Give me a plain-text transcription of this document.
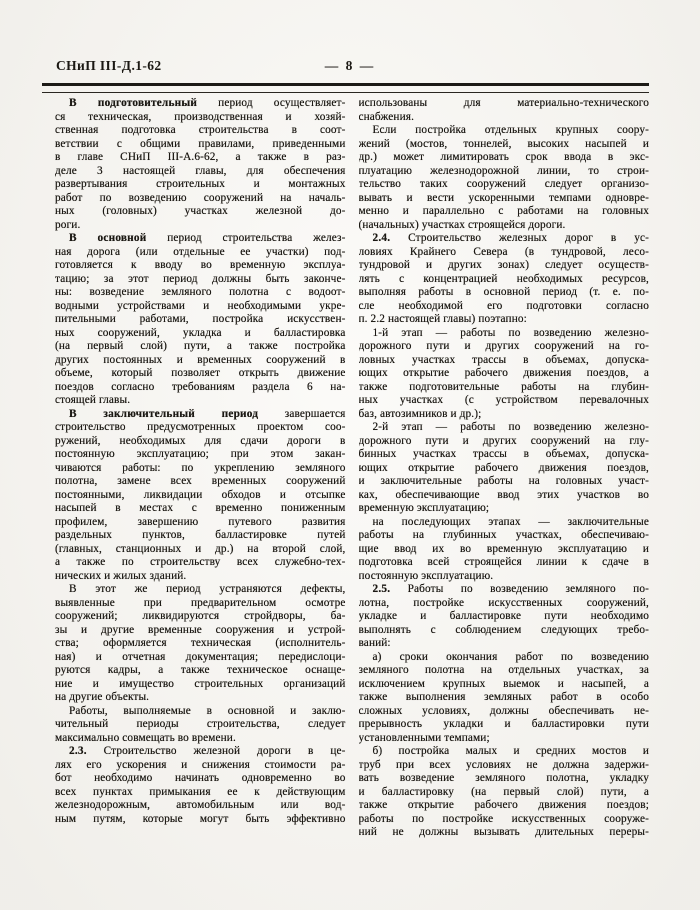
СНиП III-Д.1-62	— 8 —
В подготовительный период осуществляет-
ся техническая, производственная и хозяй-
ственная подготовка строительства в соот-
ветствии с общими правилами, приведенными
в главе СНиП III-А.6-62, а также в раз-
деле 3 настоящей главы, для обеспечения
развертывания строительных и монтажных
работ по возведению сооружений на началь-
ных (головных) участках железной до-
роги.
В основной период строительства желез-
ная дорога (или отдельные ее участки) под-
готовляется к вводу во временную эксплуа-
тацию; за этот период должны быть законче-
ны: возведение земляного полотна с водоот-
водными устройствами и необходимыми укре-
пительными работами, постройка искусствен-
ных сооружений, укладка и балластировка
(на первый слой) пути, а также постройка
других постоянных и временных сооружений в
объеме, который позволяет открыть движение
поездов согласно требованиям раздела 6 на-
стоящей главы.
В заключительный период завершается
строительство предусмотренных проектом соо-
ружений, необходимых для сдачи дороги в
постоянную эксплуатацию; при этом закан-
чиваются работы: по укреплению земляного
полотна, замене всех временных сооружений
постоянными, ликвидации обходов и отсыпке
насыпей в местах с временно пониженным
профилем, завершению путевого развития
раздельных пунктов, балластировке путей
(главных, станционных и др.) на второй слой,
а также по строительству всех служебно-тех-
нических и жилых зданий.
В этот же период устраняются дефекты,
выявленные при предварительном осмотре
сооружений; ликвидируются стройдворы, ба-
зы и другие временные сооружения и устрой-
ства; оформляется техническая (исполнитель-
ная) и отчетная документация; передислоци-
руются кадры, а также техническое оснаще-
ние и имущество строительных организаций
на другие объекты.
Работы, выполняемые в основной и заклю-
чительный периоды строительства, следует
максимально совмещать во времени.
2.3. Строительство железной дороги в це-
лях его ускорения и снижения стоимости ра-
бот необходимо начинать одновременно во
всех пунктах примыкания ее к действующим
железнодорожным, автомобильным или вод-
ным путям, которые могут быть эффективно
использованы для материально-технического
снабжения.
Если постройка отдельных крупных соору-
жений (мостов, тоннелей, высоких насыпей и
др.) может лимитировать срок ввода в экс-
плуатацию железнодорожной линии, то строи-
тельство таких сооружений следует организо-
вывать и вести ускоренными темпами одновре-
менно и параллельно с работами на головных
(начальных) участках строящейся дороги.
2.4. Строительство железных дорог в ус-
ловиях Крайнего Севера (в тундровой, лесо-
тундровой и других зонах) следует осуществ-
лять с концентрацией необходимых ресурсов,
выполняя работы в основной период (т. е. по-
сле необходимой его подготовки согласно
п. 2.2 настоящей главы) поэтапно:
1-й этап — работы по возведению железно-
дорожного пути и других сооружений на го-
ловных участках трассы в объемах, допуска-
ющих открытие рабочего движения поездов, а
также подготовительные работы на глубин-
ных участках (с устройством перевалочных
баз, автозимников и др.);
2-й этап — работы по возведению железно-
дорожного пути и других сооружений на глу-
бинных участках трассы в объемах, допуска-
ющих открытие рабочего движения поездов,
и заключительные работы на головных участ-
ках, обеспечивающие ввод этих участков во
временную эксплуатацию;
на последующих этапах — заключительные
работы на глубинных участках, обеспечиваю-
щие ввод их во временную эксплуатацию и
подготовка всей строящейся линии к сдаче в
постоянную эксплуатацию.
2.5. Работы по возведению земляного по-
лотна, постройке искусственных сооружений,
укладке и балластировке пути необходимо
выполнять с соблюдением следующих требо-
ваний:
а) сроки окончания работ по возведению
земляного полотна на отдельных участках, за
исключением крупных выемок и насыпей, а
также выполнения земляных работ в особо
сложных условиях, должны обеспечивать не-
прерывность укладки и балластировки пути
установленными темпами;
б) постройка малых и средних мостов и
труб при всех условиях не должна задержи-
вать возведение земляного полотна, укладку
и балластировку (на первый слой) пути, а
также открытие рабочего движения поездов;
работы по постройке искусственных сооруже-
ний не должны вызывать длительных переры-
